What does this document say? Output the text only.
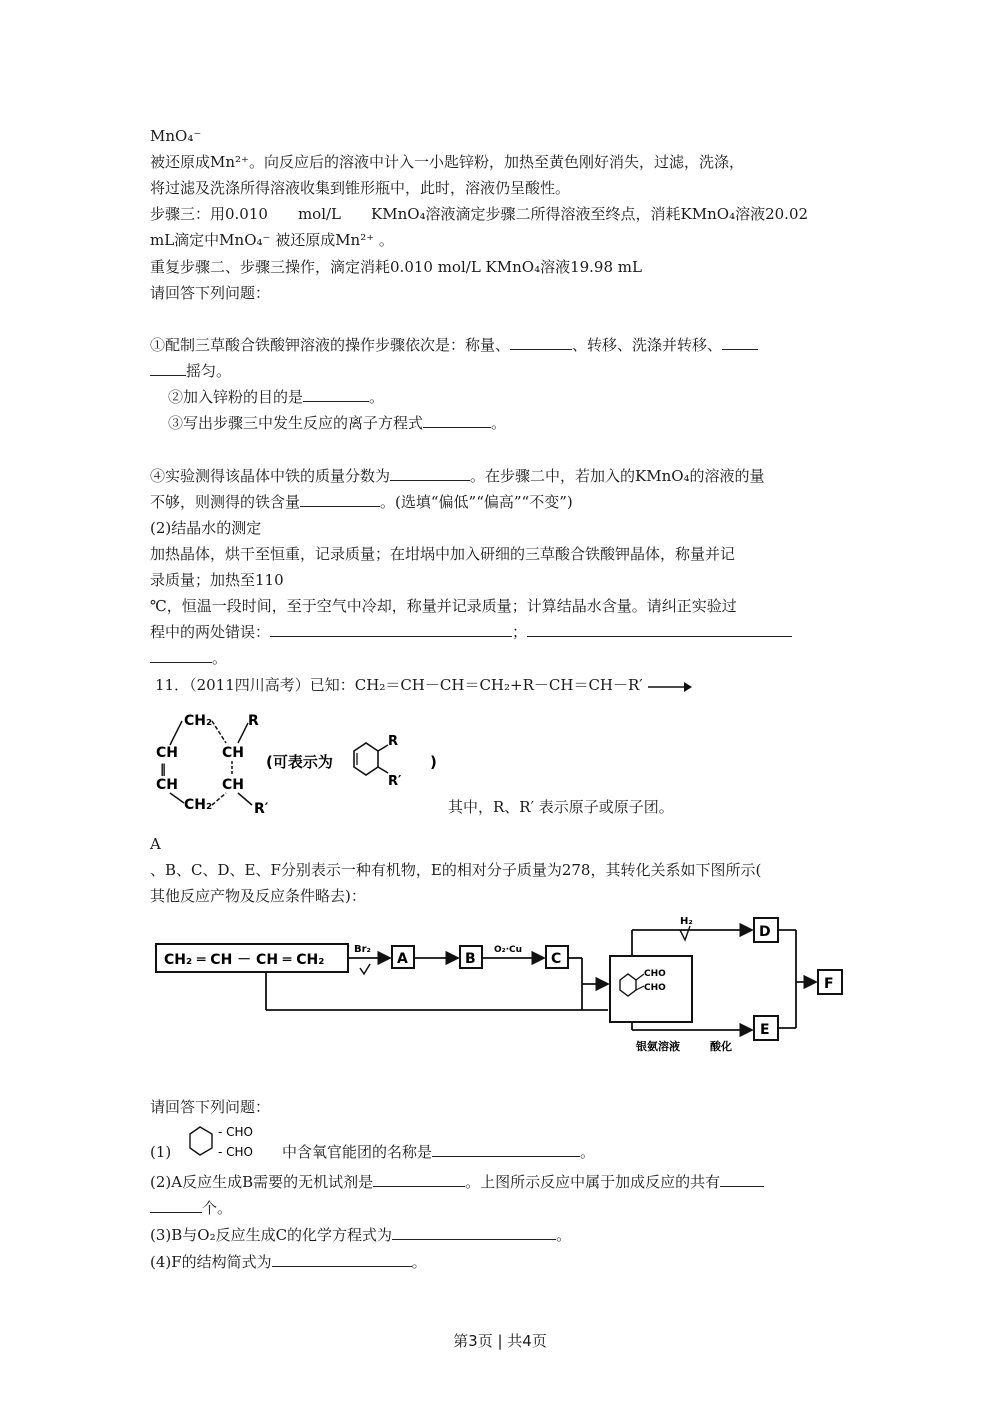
MnO₄⁻
被还原成Mn²⁺。向反应后的溶液中计入一小匙锌粉，加热至黄色刚好消失，过滤，洗涤，
将过滤及洗涤所得溶液收集到锥形瓶中，此时，溶液仍呈酸性。
步骤三：用0.010　　mol/L　　KMnO₄溶液滴定步骤二所得溶液至终点，消耗KMnO₄溶液20.02
mL滴定中MnO₄⁻ 被还原成Mn²⁺ 。
重复步骤二、步骤三操作，滴定消耗0.010 mol/L KMnO₄溶液19.98 mL
请回答下列问题：
①配制三草酸合铁酸钾溶液的操作步骤依次是：称量、	、转移、洗涤并转移、
摇匀。
②加入锌粉的目的是	。
③写出步骤三中发生反应的离子方程式	。
④实验测得该晶体中铁的质量分数为	。在步骤二中，若加入的KMnO₄的溶液的量
不够，则测得的铁含量	。(选填“偏低”“偏高”“不变”)
(2)结晶水的测定
加热晶体，烘干至恒重，记录质量；在坩埚中加入研细的三草酸合铁酸钾晶体，称量并记
录质量；加热至110
℃，恒温一段时间，至于空气中冷却，称量并记录质量；计算结晶水含量。请纠正实验过
程中的两处错误：	；
。
11．（2011四川高考）已知：CH₂＝CH－CH＝CH₂+R－CH＝CH－R′ →
CH₂	R
CH	CH
‖
CH	CH
CH₂	R′
(可表示为
R
R′
)
其中，R、R′ 表示原子或原子团。
A
、B、C、D、E、F分别表示一种有机物，E的相对分子质量为278，其转化关系如下图所示(
其他反应产物及反应条件略去)：
CH₂ ═ CH － CH ═ CH₂
Br₂
A	B
O₂·Cu
C
CHO
CHO
H₂
D
E
银氨溶液	酸化
F
请回答下列问题：
(1)
- CHO
- CHO 中含氧官能团的名称是	。
(2)A反应生成B需要的无机试剂是	。上图所示反应中属于加成反应的共有
个。
(3)B与O₂反应生成C的化学方程式为	。
(4)F的结构简式为	。
第3页 | 共4页
